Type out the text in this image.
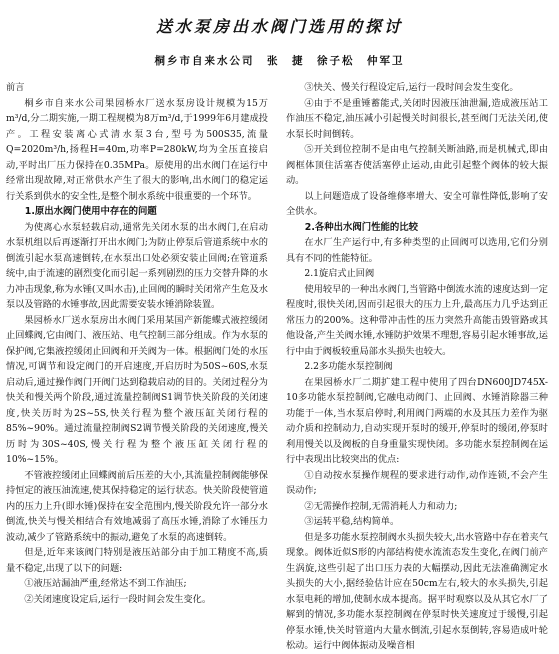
送水泵房出水阀门选用的探讨
桐乡市自来水公司　张　捷　徐子松　仲军卫

前言

桐乡市自来水公司果园桥水厂送水泵房设计规模为15万m³/d,分二期实施,一期工程规模为8万m³/d,于1999年6月建成投产。工程安装离心式清水泵3台,型号为500S35,流量Q=2020m³/h,扬程H=40m,功率P=280kW,均为全压直接启动,平时出厂压力保持在0.35MPa。原使用的出水阀门在运行中经常出现故障,对正常供水产生了很大的影响,出水阀门的稳定运行关系到供水的安全性,是整个制水系统中很重要的一个环节。

1.原出水阀门使用中存在的问题

为使离心水泵轻载启动,通常先关闭水泵的出水阀门,在启动水泵机组以后再逐渐打开出水阀门;为防止停泵后管道系统中水的倒流引起水泵高速倒转,在水泵出口处必须安装止回阀;在管道系统中,由于流速的剧烈变化而引起一系列剧烈的压力交替升降的水力冲击现象,称为水锤(又叫水击),止回阀的瞬时关闭常产生危及水泵以及管路的水锤事故,因此需要安装水锤消除装置。

果园桥水厂送水泵房出水阀门采用某国产新能蝶式液控缓闭止回蝶阀,它由阀门、液压站、电气控制三部分组成。作为水泵的保护阀,它集液控缓闭止回阀和开关阀为一体。根据阀门处的水压情况,可调节和设定阀门的开启速度,开启历时为50S~60S,水泵启动后,通过操作阀门开阀门达到稳载启动的目的。关闭过程分为快关和慢关两个阶段,通过流量控制阀S1调节快关阶段的关闭速度,快关历时为2S~5S,快关行程为整个液压缸关闭行程的85%~90%。通过流量控制阀S2调节慢关阶段的关闭速度,慢关历时为30S~40S,慢关行程为整个液压缸关闭行程的10%~15%。

不管液控缓闭止回蝶阀前后压差的大小,其流量控制阀能够保持恒定的液压油流速,使其保持稳定的运行状态。快关阶段使管道内的压力上升(即水锤)保持在安全范围内,慢关阶段允许一部分水倒流,快关与慢关相结合有效地减弱了高压水锤,消除了水锤压力波动,减少了管路系统中的振动,避免了水泵的高速倒转。

但是,近年来该阀门特别是液压站部分由于加工精度不高,质量不稳定,出现了以下的问题:

①液压站漏油严重,经常达不到工作油压;

②关闭速度设定后,运行一段时间会发生变化。

③快关、慢关行程设定后,运行一段时间会发生变化。

④由于不是重锤蓄能式,关闭时因液压油泄漏,造成液压站工作油压不稳定,油压减小引起慢关时间很长,甚至阀门无法关闭,使水泵长时间倒转。

⑤开关到位控制不是由电气控制关断油路,而是机械式,即由阀框体顶住活塞杏使活塞停止运动,由此引起整个阀体的较大振动。

以上问题造成了设备维修率增大、安全可靠性降低,影响了安全供水。

2.各种出水阀门性能的比较

在水厂生产运行中,有多种类型的止回阀可以选用,它们分别具有不同的性能特征。

2.1旋启式止回阀

使用较早的一种出水阀门,当管路中倒流水流的速度达到一定程度时,很快关闭,因而引起很大的压力上升,最高压力几乎达到正常压力的200%。这种带冲击性的压力突然升高能击毁管路或其他设备,产生关阀水锤,水锤防护效果不理想,容易引起水锤事故,运行中由于阀板较重局部水头损失也较大。

2.2多功能水泵控制阀

在果园桥水厂二期扩建工程中使用了四台DN600JD745X-10多功能水泵控制阀,它融电动阀门、止回阀、水锤消除器三种功能于一体,当水泵启停时,利用阀门两端的水及其压力差作为驱动介质和控制动力,自动实现开泵时的缓开,停泵时的缓闭,停泵时利用慢关以及阀板的自身重量实现快闭。多功能水泵控制阀在运行中表现出比较突出的优点:

①自动按水泵操作规程的要求进行动作,动作连锁,不会产生误动作;

②无需操作控制,无需消耗人力和动力;

③运转平稳,结构简单。

但是多功能水泵控制阀水头损失较大,出水管路中存在着夹气现象。阀体近似S形的内部结构使水流流态发生变化,在阀门前产生涡旋,这些引起了出口压力表的大幅摆动,因此无法准确测定水头损失的大小,据经验估计应在50cm左右,较大的水头损失,引起水泵电耗的增加,使制水成本提高。据平时观察以及从其它水厂了解到的情况,多功能水泵控制阀在停泵时快关速度过于缓慢,引起停泵水锤,快关时管道内大量水倒流,引起水泵倒转,容易造成叶轮松动。运行中阀体振动及噪音相
